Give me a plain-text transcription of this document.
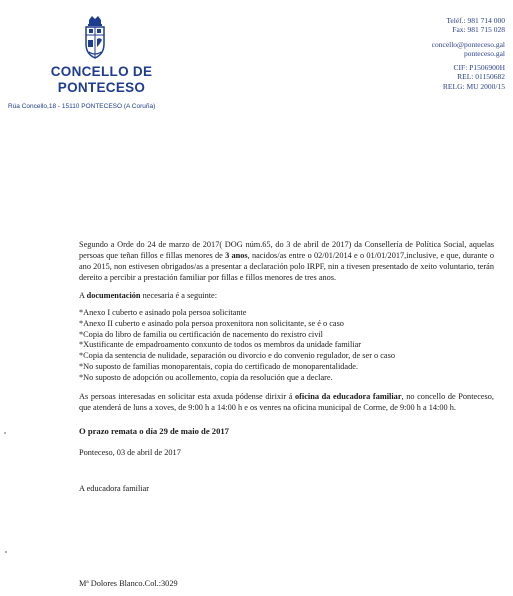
CONCELLO DE
PONTECESO
Rúa Concello,18 - 15110 PONTECESO (A Coruña)
Teléf.: 981 714 000
Fax: 981 715 028
concello@ponteceso.gal
ponteceso.gal
CIF: P1506900H
REL: 01150682
RELG: MU 2000/15

Segundo a Orde do 24 de marzo de 2017( DOG núm.65, do 3 de abril de 2017) da Consellería de Política Social, aquelas persoas que teñan fillos e fillas menores de 3 anos, nacidos/as entre o 02/01/2014 e o 01/01/2017,inclusive, e que, durante o ano 2015, non estivesen obrigados/as a presentar a declaración polo IRPF, nin a tivesen presentado de xeito voluntario, terán dereito a percibir a prestación familiar por fillas e fillos menores de tres anos.

A documentación necesaria é a seguinte:

*Anexo I cuberto e asinado pola persoa solicitante
*Anexo II cuberto e asinado pola persoa proxenitora non solicitante, se é o caso
*Copia do libro de familia ou certificación de nacemento do rexistro civil
*Xustificante de empadroamento conxunto de todos os membros da unidade familiar
*Copia da sentencia de nulidade, separación ou divorcio e do convenio regulador, de ser o caso
*No suposto de familias monoparentais, copia do certificado de monoparentalidade.
*No suposto de adopción ou acollemento, copia da resolución que a declare.

As persoas interesadas en solicitar esta axuda pódense dirixir á oficina da educadora familiar, no concello de Ponteceso, que atenderá de luns a xoves, de 9:00 h a 14:00 h e os venres na oficina municipal de Corme, de 9:00 h a 14:00 h.

O prazo remata o día 29 de maio de 2017

Ponteceso, 03 de abril de 2017

A educadora familiar

Mª Dolores Blanco.Col.:3029
